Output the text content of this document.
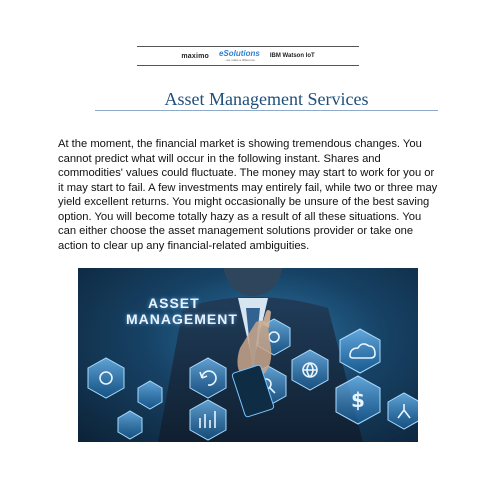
maximo eSolutions
...we make a difference
IBM Watson IoT
Asset Management Services

At the moment, the financial market is showing tremendous changes. You cannot predict what will occur in the following instant. Shares and commodities' values could fluctuate. The money may start to work for you or it may start to fail. A few investments may entirely fail, while two or three may yield excellent returns. You might occasionally be unsure of the best saving option. You will become totally hazy as a result of all these situations. You can either choose the asset management solutions provider or take one action to clear up any financial-related ambiguities.

$
ASSET
MANAGEMENT
